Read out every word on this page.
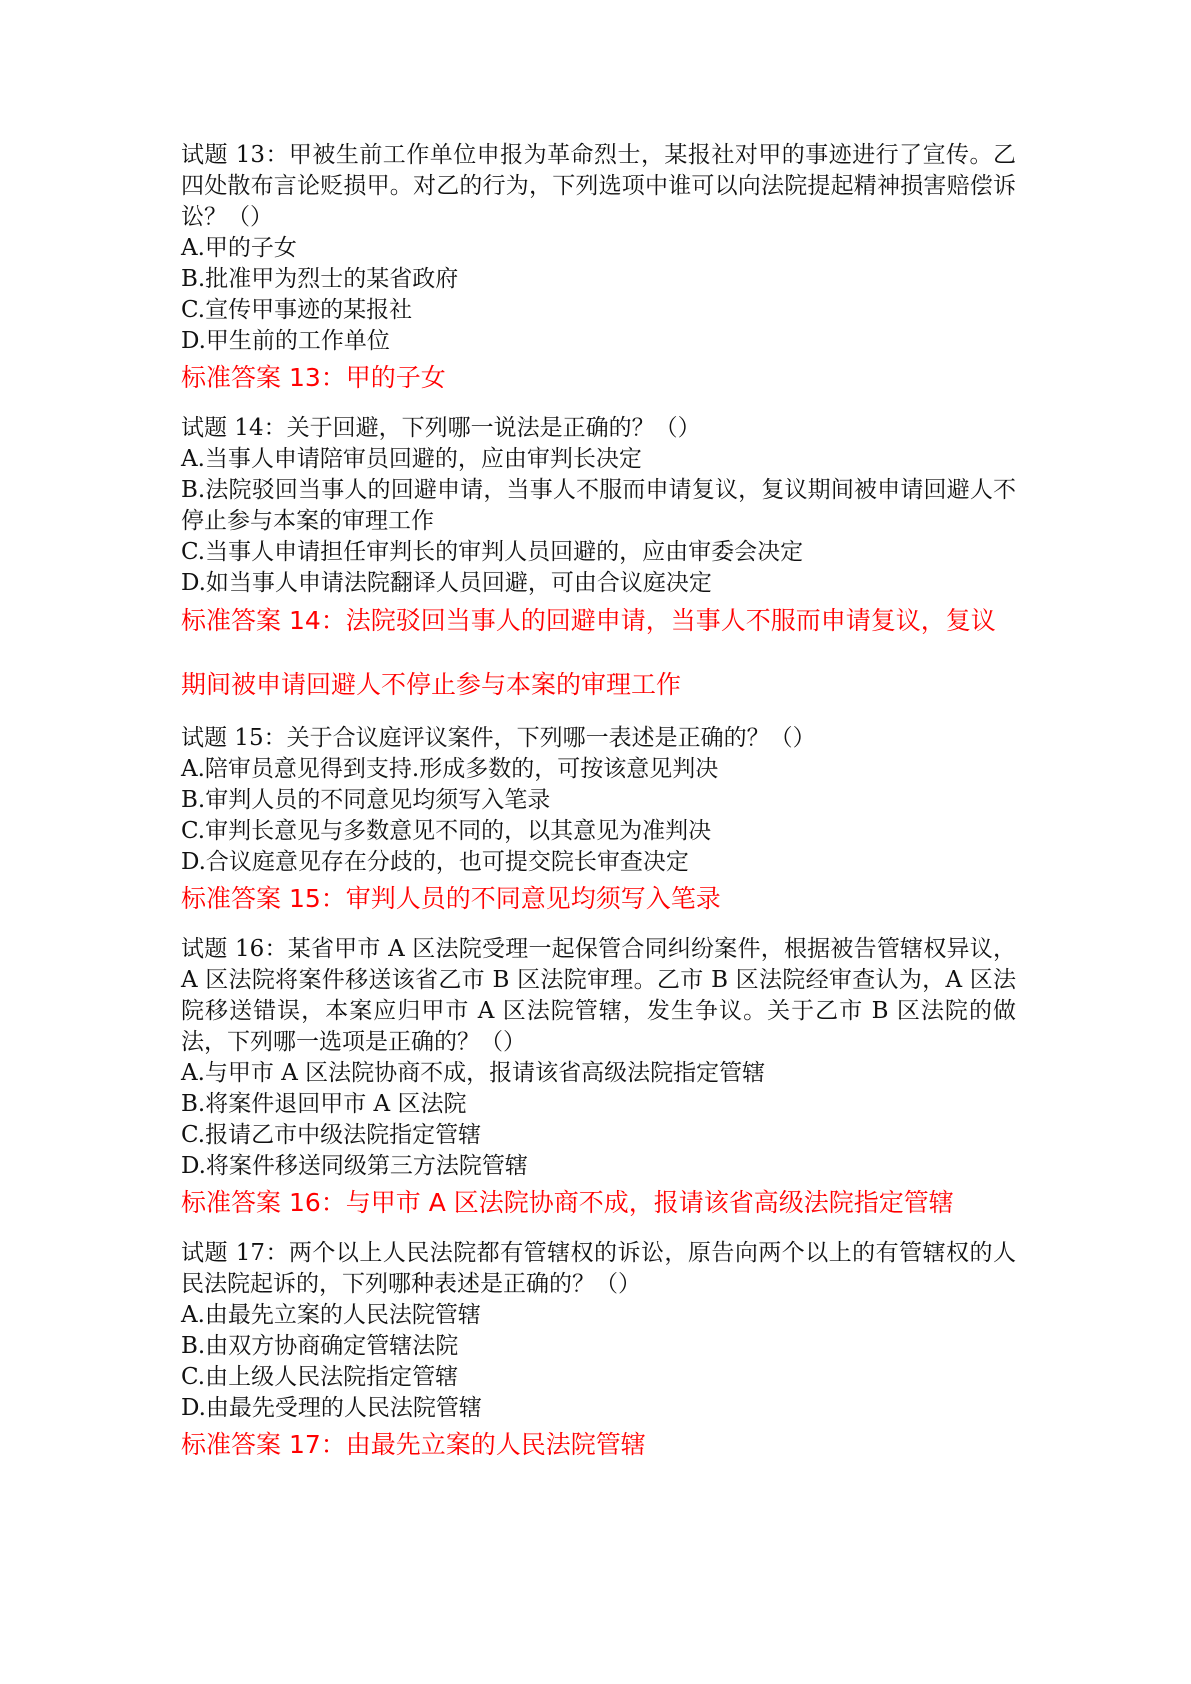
试题 13：甲被生前工作单位申报为革命烈士，某报社对甲的事迹进行了宣传。乙四处散布言论贬损甲。对乙的行为，下列选项中谁可以向法院提起精神损害赔偿诉讼？（）

A.甲的子女

B.批准甲为烈士的某省政府

C.宣传甲事迹的某报社

D.甲生前的工作单位

标准答案 13：甲的子女

试题 14：关于回避，下列哪一说法是正确的？（）

A.当事人申请陪审员回避的，应由审判长决定

B.法院驳回当事人的回避申请，当事人不服而申请复议，复议期间被申请回避人不停止参与本案的审理工作

C.当事人申请担任审判长的审判人员回避的，应由审委会决定

D.如当事人申请法院翻译人员回避，可由合议庭决定

标准答案 14：法院驳回当事人的回避申请，当事人不服而申请复议，复议期间被申请回避人不停止参与本案的审理工作

试题 15：关于合议庭评议案件，下列哪一表述是正确的？（）

A.陪审员意见得到支持.形成多数的，可按该意见判决

B.审判人员的不同意见均须写入笔录

C.审判长意见与多数意见不同的，以其意见为准判决

D.合议庭意见存在分歧的，也可提交院长审查决定

标准答案 15：审判人员的不同意见均须写入笔录

试题 16：某省甲市 A 区法院受理一起保管合同纠纷案件，根据被告管辖权异议，A 区法院将案件移送该省乙市 B 区法院审理。乙市 B 区法院经审查认为，A 区法院移送错误，本案应归甲市 A 区法院管辖，发生争议。关于乙市 B 区法院的做法，下列哪一选项是正确的？（）

A.与甲市 A 区法院协商不成，报请该省高级法院指定管辖

B.将案件退回甲市 A 区法院

C.报请乙市中级法院指定管辖

D.将案件移送同级第三方法院管辖

标准答案 16：与甲市 A 区法院协商不成，报请该省高级法院指定管辖

试题 17：两个以上人民法院都有管辖权的诉讼，原告向两个以上的有管辖权的人民法院起诉的，下列哪种表述是正确的？（）

A.由最先立案的人民法院管辖

B.由双方协商确定管辖法院

C.由上级人民法院指定管辖

D.由最先受理的人民法院管辖

标准答案 17：由最先立案的人民法院管辖
